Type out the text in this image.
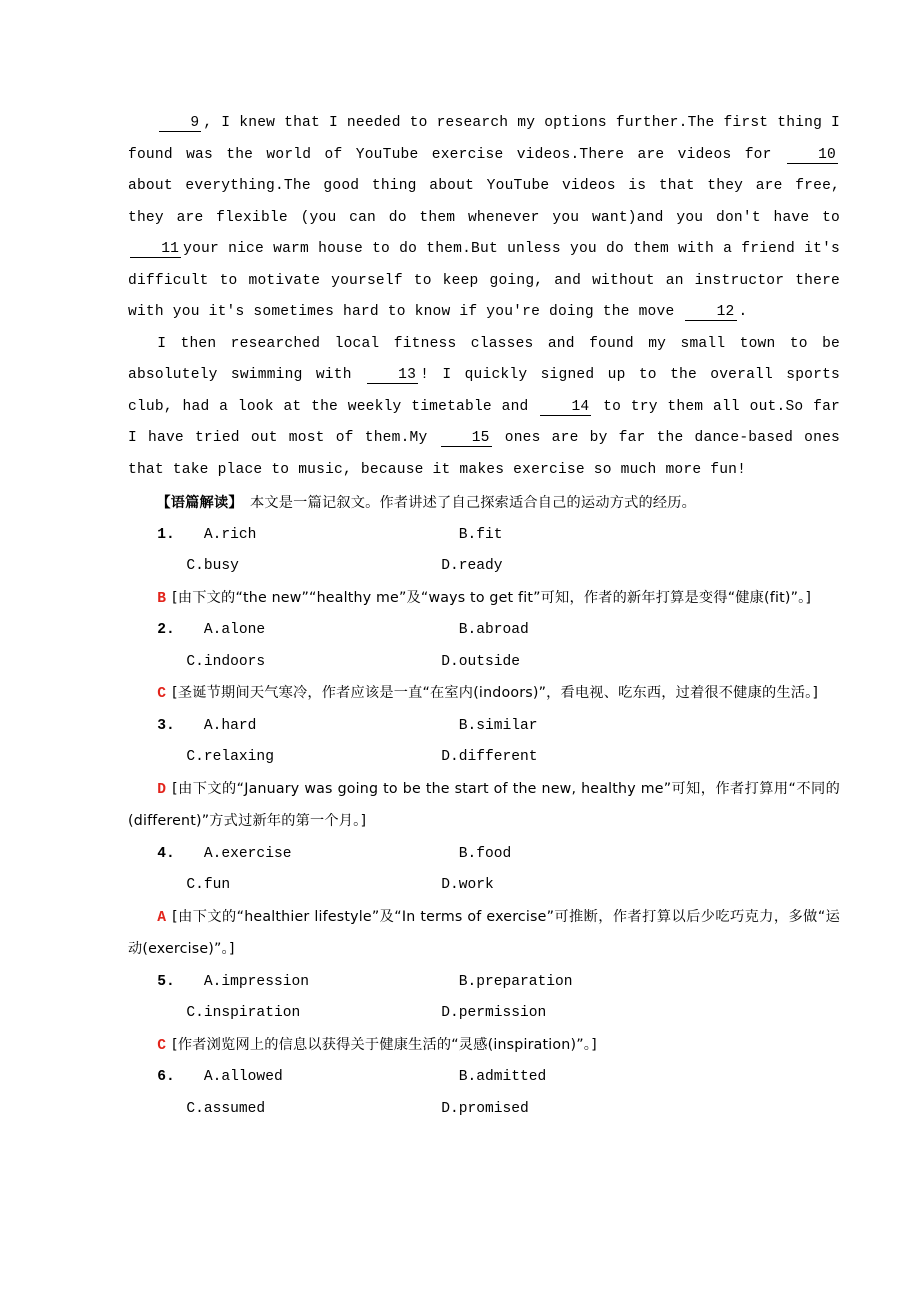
9 , I knew that I needed to research my options further.The first thing I found was the world of YouTube exercise videos.There are videos for 10 about everything.The good thing about YouTube videos is that they are free, they are flexible (you can do them whenever you want)and you don't have to 11 your nice warm house to do them.But unless you do them with a friend it's difficult to motivate yourself to keep going, and without an instructor there with you it's sometimes hard to know if you're doing the move 12 .

I then researched local fitness classes and found my small town to be absolutely swimming with 13 ! I quickly signed up to the overall sports club, had a look at the weekly timetable and 14 to try them all out.So far I have tried out most of them.My 15 ones are by far the dance-based ones that take place to music, because it makes exercise so much more fun!

【语篇解读】　 本文是一篇记叙文。作者讲述了自己探索适合自己的运动方式的经历。

1. A.rich	B.fit
C.busy	D.ready

B [由下文的“the new”“healthy me”及“ways to get fit”可知，作者的新年打算是变得“健康(fit)”。]

2. A.alone	B.abroad
C.indoors	D.outside

C [圣诞节期间天气寒冷，作者应该是一直“在室内(indoors)”，看电视、吃东西，过着很不健康的生活。]

3. A.hard	B.similar
C.relaxing	D.different

D [由下文的“January was going to be the start of the new, healthy me”可知，作者打算用“不同的(different)”方式过新年的第一个月。]

4. A.exercise	B.food
C.fun	D.work

A [由下文的“healthier lifestyle”及“In terms of exercise”可推断，作者打算以后少吃巧克力，多做“运动(exercise)”。]

5. A.impression	B.preparation
C.inspiration	D.permission

C [作者浏览网上的信息以获得关于健康生活的“灵感(inspiration)”。]

6. A.allowed	B.admitted
C.assumed	D.promised
